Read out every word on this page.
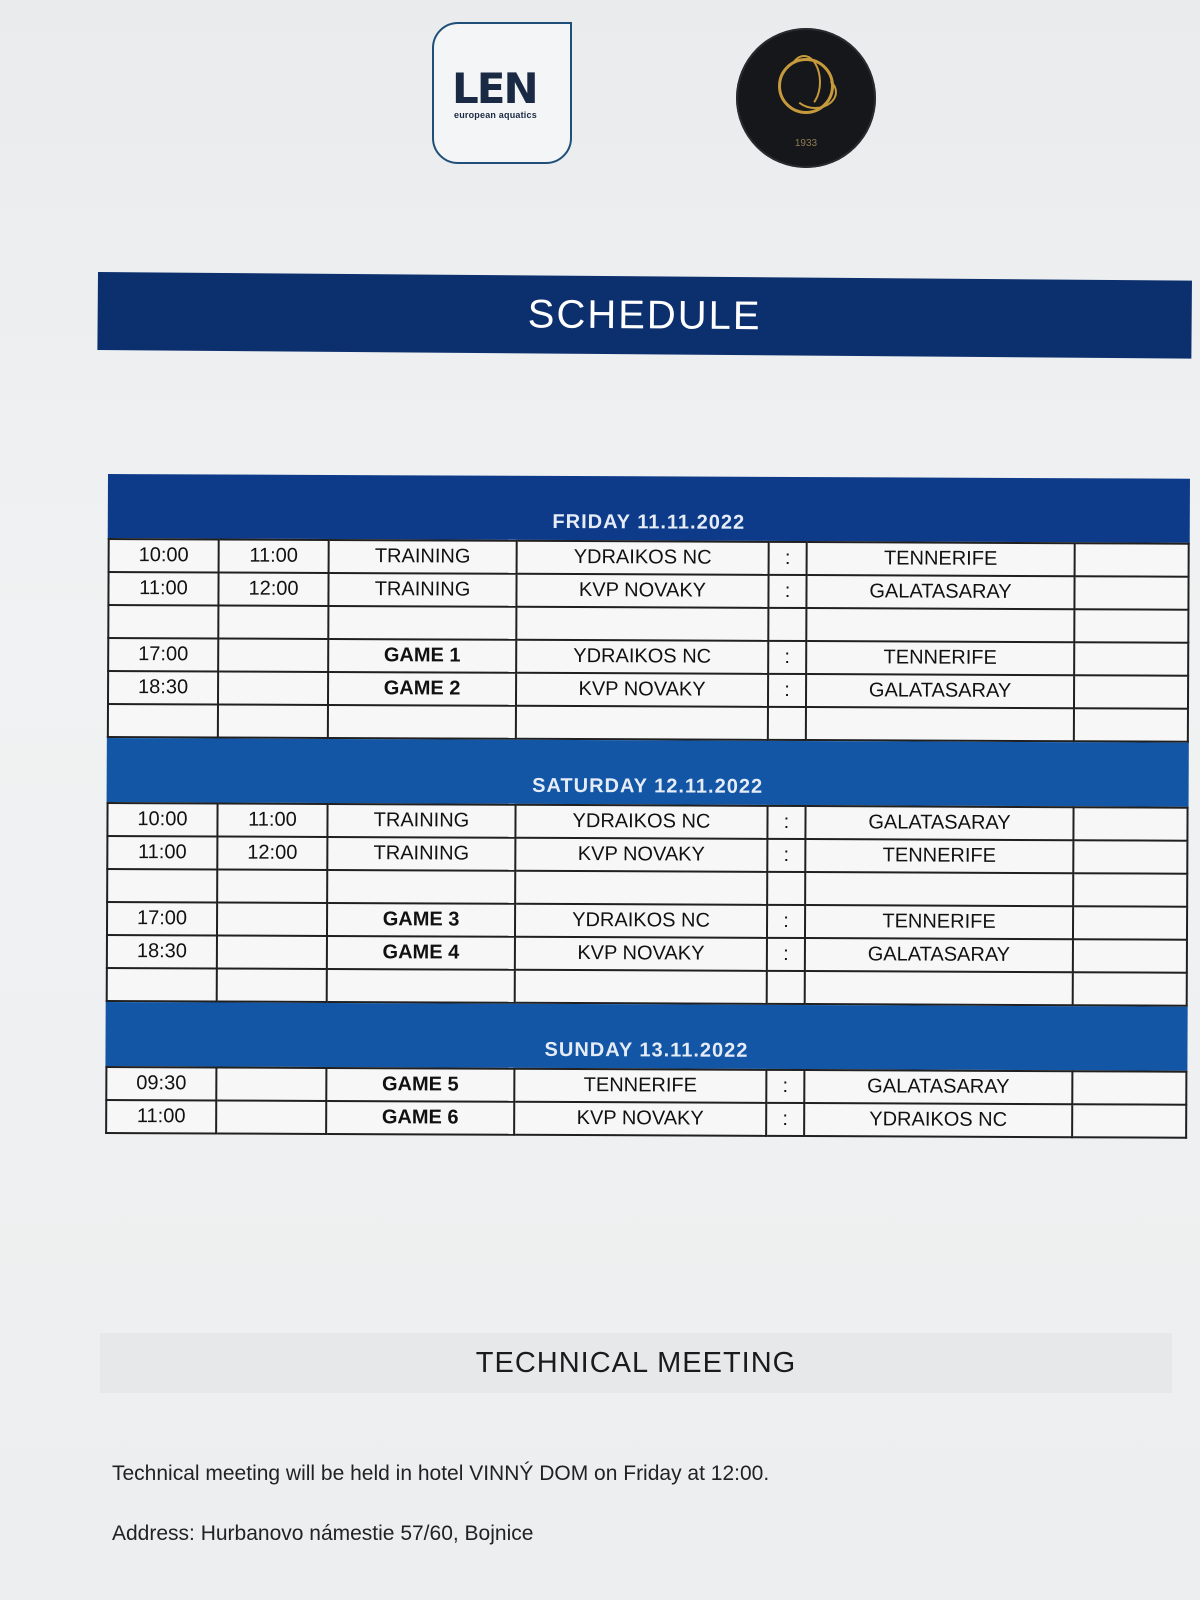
LEN
european aquatics
1933
SCHEDULE
FRIDAY 11.11.2022
10:00	11:00	TRAINING	YDRAIKOS NC	:	TENNERIFE	
11:00	12:00	TRAINING	KVP NOVAKY	:	GALATASARAY	

17:00		GAME 1	YDRAIKOS NC	:	TENNERIFE	
18:30		GAME 2	KVP NOVAKY	:	GALATASARAY	

SATURDAY 12.11.2022
10:00	11:00	TRAINING	YDRAIKOS NC	:	GALATASARAY	
11:00	12:00	TRAINING	KVP NOVAKY	:	TENNERIFE	

17:00		GAME 3	YDRAIKOS NC	:	TENNERIFE	
18:30		GAME 4	KVP NOVAKY	:	GALATASARAY	

SUNDAY 13.11.2022
09:30		GAME 5	TENNERIFE	:	GALATASARAY	
11:00		GAME 6	KVP NOVAKY	:	YDRAIKOS NC	
TECHNICAL MEETING
Technical meeting will be held in hotel VINNÝ DOM on Friday at 12:00.
Address: Hurbanovo námestie 57/60, Bojnice
